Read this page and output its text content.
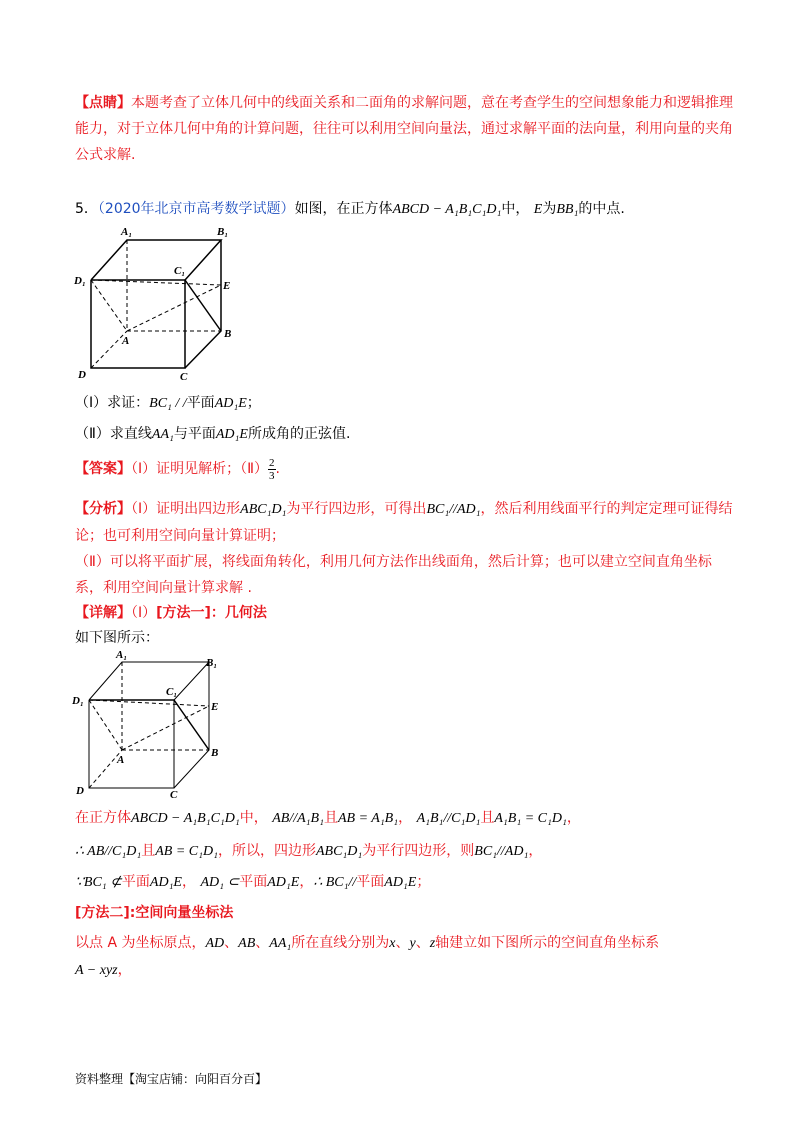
【点睛】本题考查了立体几何中的线面关系和二面角的求解问题，意在考查学生的空间想象能力和逻辑推理能力，对于立体几何中角的计算问题，往往可以利用空间向量法，通过求解平面的法向量，利用向量的夹角公式求解.

5．（2020年北京市高考数学试题）如图，在正方体ABCD − A₁B₁C₁D₁中， E为BB₁的中点.

A₁	B₁
C₁
D₁	E
B
A
D	C

（Ⅰ）求证：BC₁ / /平面AD₁E；

（Ⅱ）求直线AA₁与平面AD₁E所成角的正弦值.

【答案】（Ⅰ）证明见解析；（Ⅱ） $\frac{2}{3}$ .

【分析】（Ⅰ）证明出四边形ABC₁D₁为平行四边形，可得出BC₁//AD₁，然后利用线面平行的判定定理可证得结论；也可利用空间向量计算证明；
（Ⅱ）可以将平面扩展，将线面角转化，利用几何方法作出线面角，然后计算；也可以建立空间直角坐标系，利用空间向量计算求解 .

【详解】（Ⅰ）[方法一]：几何法

如下图所示：

A₁
B₁
C₁
D₁	E
B
A
D	C

在正方体ABCD − A₁B₁C₁D₁中， AB//A₁B₁且AB = A₁B₁， A₁B₁//C₁D₁且A₁B₁ = C₁D₁，

∴ AB//C₁D₁且AB = C₁D₁，所以，四边形ABC₁D₁为平行四边形，则BC₁//AD₁，

∵BC₁ ⊄平面AD₁E， AD₁ ⊂平面AD₁E，∴ BC₁//平面AD₁E；

[方法二]:空间向量坐标法

以点 A 为坐标原点，AD、AB、AA₁所在直线分别为x、y、z轴建立如下图所示的空间直角坐标系
A − xyz，

资料整理【淘宝店铺：向阳百分百】
